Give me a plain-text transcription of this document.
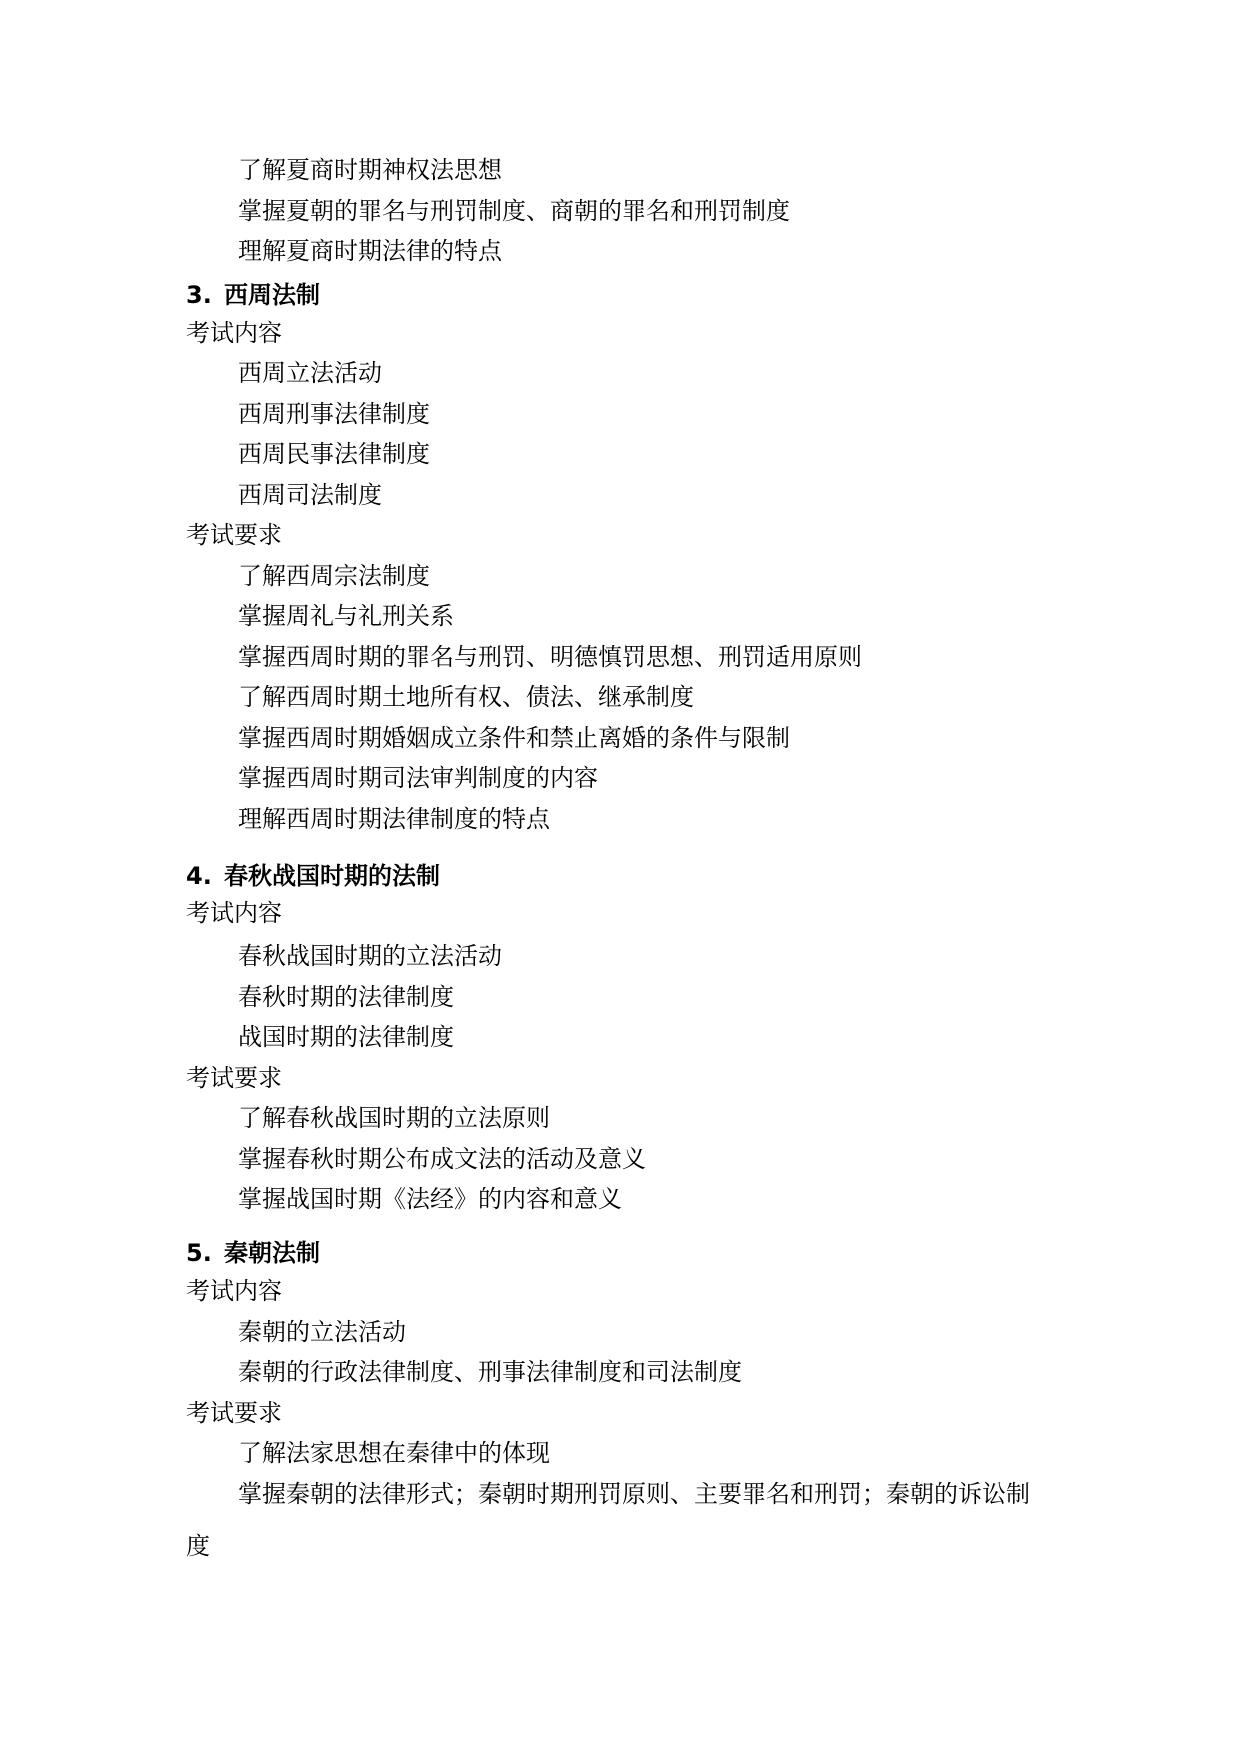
了解夏商时期神权法思想
掌握夏朝的罪名与刑罚制度、商朝的罪名和刑罚制度
理解夏商时期法律的特点
3. 西周法制
考试内容
西周立法活动
西周刑事法律制度
西周民事法律制度
西周司法制度
考试要求
了解西周宗法制度
掌握周礼与礼刑关系
掌握西周时期的罪名与刑罚、明德慎罚思想、刑罚适用原则
了解西周时期土地所有权、债法、继承制度
掌握西周时期婚姻成立条件和禁止离婚的条件与限制
掌握西周时期司法审判制度的内容
理解西周时期法律制度的特点
4. 春秋战国时期的法制
考试内容
春秋战国时期的立法活动
春秋时期的法律制度
战国时期的法律制度
考试要求
了解春秋战国时期的立法原则
掌握春秋时期公布成文法的活动及意义
掌握战国时期《法经》的内容和意义
5. 秦朝法制
考试内容
秦朝的立法活动
秦朝的行政法律制度、刑事法律制度和司法制度
考试要求
了解法家思想在秦律中的体现
掌握秦朝的法律形式；秦朝时期刑罚原则、主要罪名和刑罚；秦朝的诉讼制
度
